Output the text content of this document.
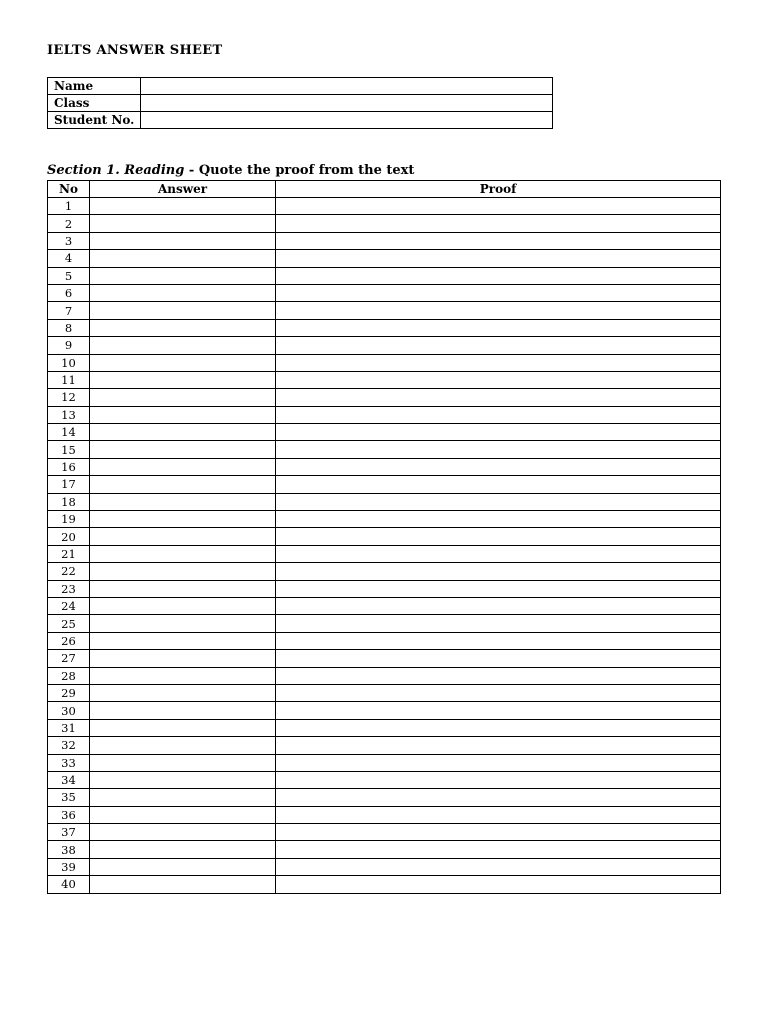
IELTS ANSWER SHEET
Name	
Class	
Student No.	

Section 1. Reading - Quote the proof from the text

No	Answer	Proof
1		
2		
3		
4		
5		
6		
7		
8		
9		
10		
11		
12		
13		
14		
15		
16		
17		
18		
19		
20		
21		
22		
23		
24		
25		
26		
27		
28		
29		
30		
31		
32		
33		
34		
35		
36		
37		
38		
39		
40		
